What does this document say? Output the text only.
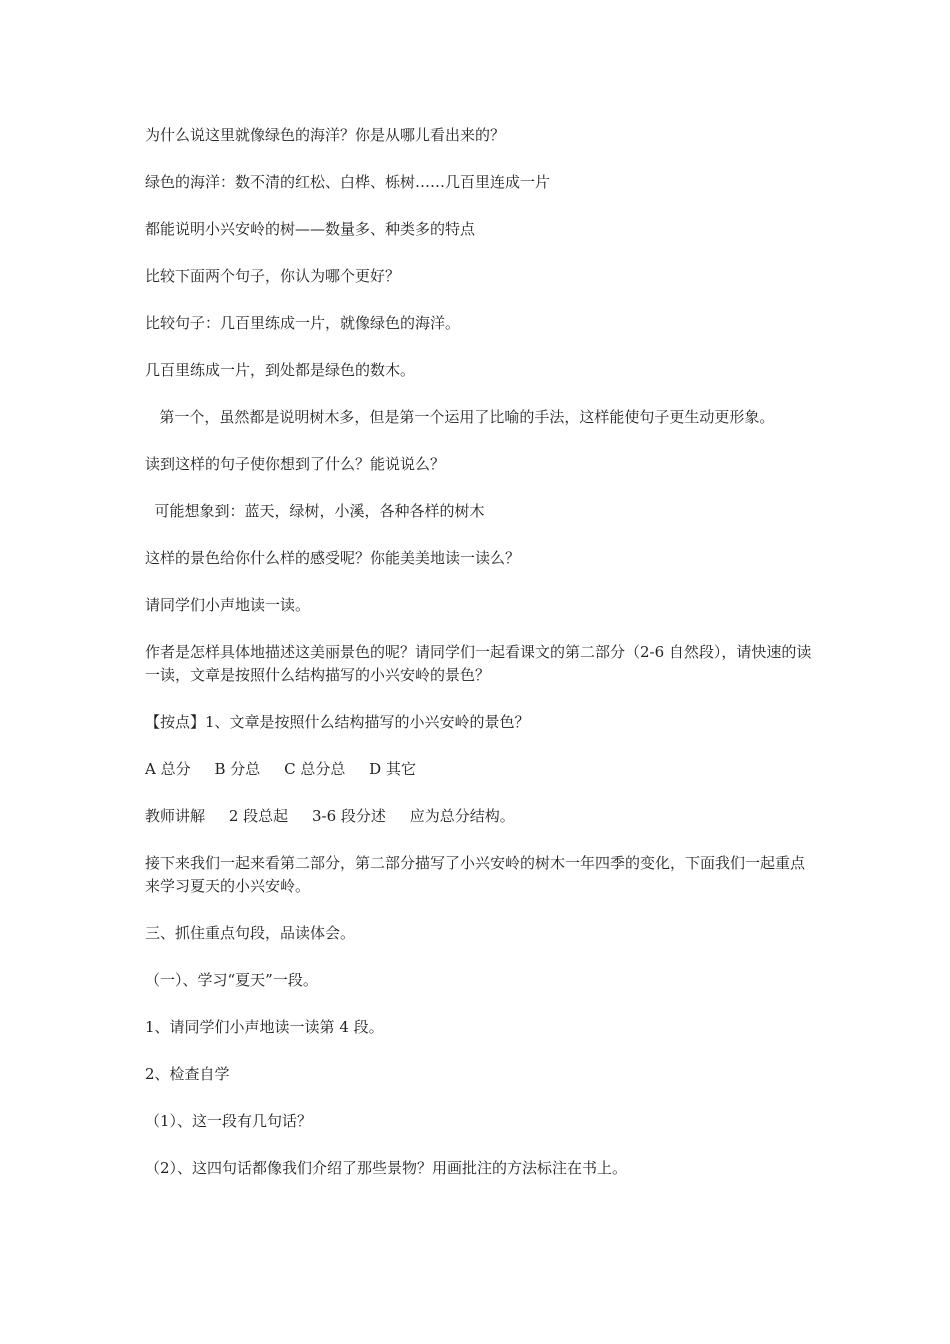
为什么说这里就像绿色的海洋？你是从哪儿看出来的？

绿色的海洋：数不清的红松、白桦、栎树……几百里连成一片

都能说明小兴安岭的树——数量多、种类多的特点

比较下面两个句子，你认为哪个更好？

比较句子：几百里练成一片，就像绿色的海洋。

几百里练成一片，到处都是绿色的数木。

第一个，虽然都是说明树木多，但是第一个运用了比喻的手法，这样能使句子更生动更形象。

读到这样的句子使你想到了什么？能说说么？

可能想象到：蓝天，绿树，小溪，各种各样的树木

这样的景色给你什么样的感受呢？你能美美地读一读么？

请同学们小声地读一读。

作者是怎样具体地描述这美丽景色的呢？请同学们一起看课文的第二部分（2-6 自然段），请快速的读一读，文章是按照什么结构描写的小兴安岭的景色？

【按点】1、文章是按照什么结构描写的小兴安岭的景色？

A 总分     B 分总     C 总分总     D 其它

教师讲解     2 段总起     3-6 段分述     应为总分结构。

接下来我们一起来看第二部分，第二部分描写了小兴安岭的树木一年四季的变化，下面我们一起重点来学习夏天的小兴安岭。

三、抓住重点句段，品读体会。

（一）、学习“夏天”一段。

1、请同学们小声地读一读第 4 段。

2、检查自学

（1）、这一段有几句话？

（2）、这四句话都像我们介绍了那些景物？用画批注的方法标注在书上。
